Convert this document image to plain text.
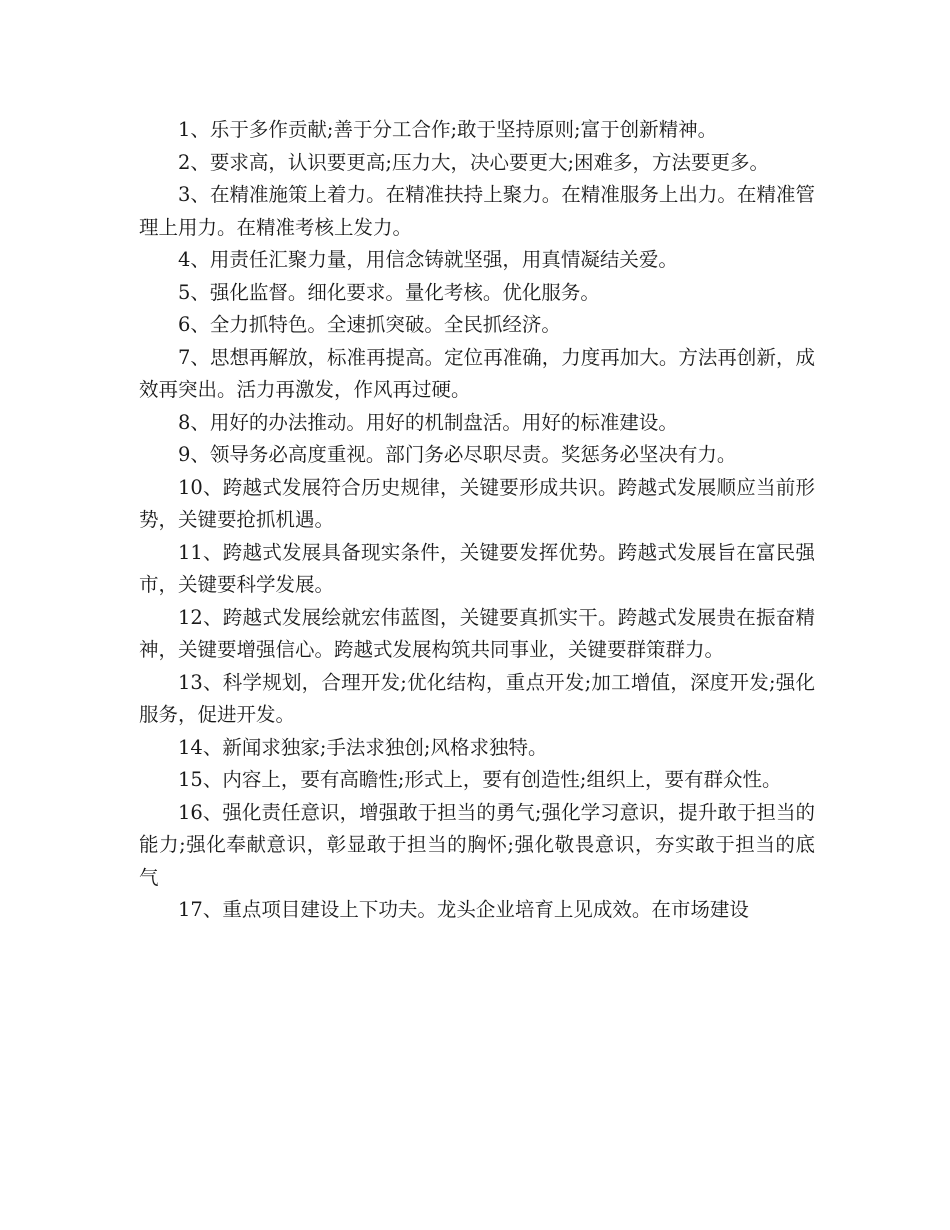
1、乐于多作贡献;善于分工合作;敢于坚持原则;富于创新精神。

2、要求高，认识要更高;压力大，决心要更大;困难多，方法要更多。

3、在精准施策上着力。在精准扶持上聚力。在精准服务上出力。在精准管理上用力。在精准考核上发力。

4、用责任汇聚力量，用信念铸就坚强，用真情凝结关爱。

5、强化监督。细化要求。量化考核。优化服务。

6、全力抓特色。全速抓突破。全民抓经济。

7、思想再解放，标准再提高。定位再准确，力度再加大。方法再创新，成效再突出。活力再激发，作风再过硬。

8、用好的办法推动。用好的机制盘活。用好的标准建设。

9、领导务必高度重视。部门务必尽职尽责。奖惩务必坚决有力。

10、跨越式发展符合历史规律，关键要形成共识。跨越式发展顺应当前形势，关键要抢抓机遇。

11、跨越式发展具备现实条件，关键要发挥优势。跨越式发展旨在富民强市，关键要科学发展。

12、跨越式发展绘就宏伟蓝图，关键要真抓实干。跨越式发展贵在振奋精神，关键要增强信心。跨越式发展构筑共同事业，关键要群策群力。

13、科学规划，合理开发;优化结构，重点开发;加工增值，深度开发;强化服务，促进开发。

14、新闻求独家;手法求独创;风格求独特。

15、内容上，要有高瞻性;形式上，要有创造性;组织上，要有群众性。

16、强化责任意识，增强敢于担当的勇气;强化学习意识，提升敢于担当的能力;强化奉献意识，彰显敢于担当的胸怀;强化敬畏意识，夯实敢于担当的底气

17、重点项目建设上下功夫。龙头企业培育上见成效。在市场建设
